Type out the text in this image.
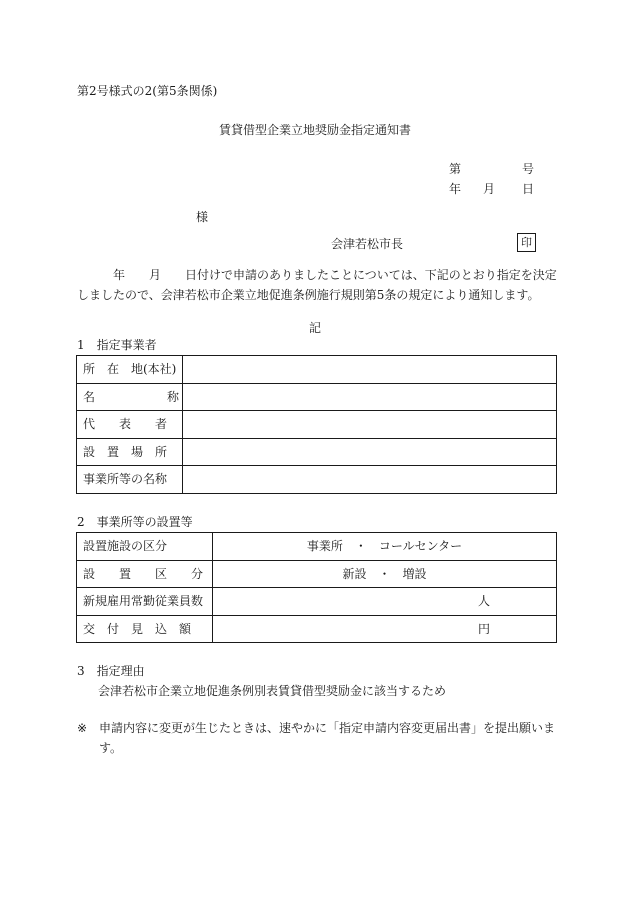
第2号様式の2(第5条関係)
賃貸借型企業立地奨励金指定通知書
第	号
年 月 日
様
会津若松市長	印
年　　月　　日付けで申請のありましたことについては、下記のとおり指定を決定
しましたので、会津若松市企業立地促進条例施行規則第5条の規定により通知します。
記
1　指定事業者
所　在　地(本社)	
名　　　　　　称	
代　　表　　者	
設　置　場　所	
事業所等の名称	
2　事業所等の設置等
設置施設の区分	事業所　・　コールセンター
設　　置　　区　　分	新設　・　増設
新規雇用常勤従業員数	人
交　付　見　込　額	円
3　指定理由
会津若松市企業立地促進条例別表賃貸借型奨励金に該当するため
※ 申請内容に変更が生じたときは、速やかに「指定申請内容変更届出書」を提出願いま
す。
